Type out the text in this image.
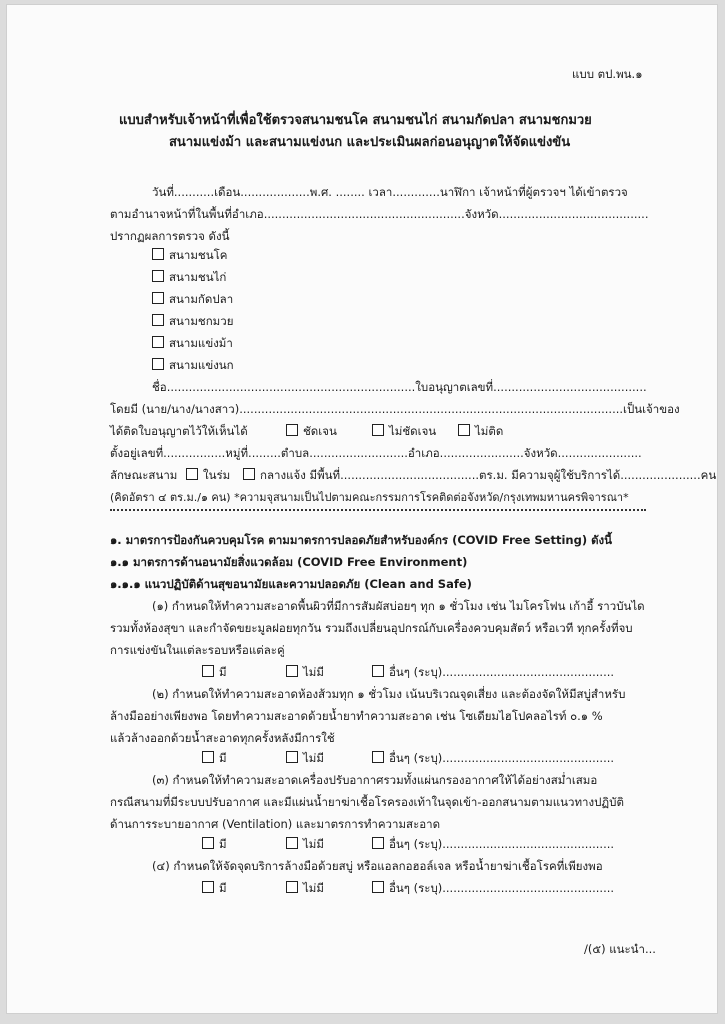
แบบ ตป.พน.๑
แบบสำหรับเจ้าหน้าที่เพื่อใช้ตรวจสนามชนโค สนามชนไก่ สนามกัดปลา สนามชกมวย
สนามแข่งม้า และสนามแข่งนก และประเมินผลก่อนอนุญาตให้จัดแข่งขัน
วันที่...........เดือน...................พ.ศ. ........ เวลา.............นาฬิกา เจ้าหน้าที่ผู้ตรวจฯ ได้เข้าตรวจ
ตามอำนาจหน้าที่ในพื้นที่อำเภอ.......................................................จังหวัด.........................................
ปรากฏผลการตรวจ ดังนี้
สนามชนโค
สนามชนไก่
สนามกัดปลา
สนามชกมวย
สนามแข่งม้า
สนามแข่งนก
ชื่อ....................................................................ใบอนุญาตเลขที่..........................................
โดยมี (นาย/นาง/นางสาว).........................................................................................................เป็นเจ้าของ
ได้ติดใบอนุญาตไว้ให้เห็นได้	ชัดเจน	ไม่ชัดเจน	ไม่ติด
ตั้งอยู่เลขที่.................หมู่ที่.........ตำบล...........................อำเภอ.......................จังหวัด.......................
ลักษณะสนาม	ในร่ม	กลางแจ้ง มีพื้นที่......................................ตร.ม. มีความจุผู้ใช้บริการได้......................คน
(คิดอัตรา ๔ ตร.ม./๑ คน) *ความจุสนามเป็นไปตามคณะกรรมการโรคติดต่อจังหวัด/กรุงเทพมหานครพิจารณา*
๑. มาตรการป้องกันควบคุมโรค ตามมาตรการปลอดภัยสำหรับองค์กร (COVID Free Setting) ดังนี้
๑.๑ มาตรการด้านอนามัยสิ่งแวดล้อม (COVID Free Environment)
๑.๑.๑ แนวปฏิบัติด้านสุขอนามัยและความปลอดภัย (Clean and Safe)
(๑) กำหนดให้ทำความสะอาดพื้นผิวที่มีการสัมผัสบ่อยๆ ทุก ๑ ชั่วโมง เช่น ไมโครโฟน เก้าอี้ ราวบันได
รวมทั้งห้องสุขา และกำจัดขยะมูลฝอยทุกวัน รวมถึงเปลี่ยนอุปกรณ์กับเครื่องควบคุมสัตว์ หรือเวที ทุกครั้งที่จบ
การแข่งขันในแต่ละรอบหรือแต่ละคู่
มี	ไม่มี	อื่นๆ (ระบุ)...............................................
(๒) กำหนดให้ทำความสะอาดห้องส้วมทุก ๑ ชั่วโมง เน้นบริเวณจุดเสี่ยง และต้องจัดให้มีสบู่สำหรับ
ล้างมืออย่างเพียงพอ โดยทำความสะอาดด้วยน้ำยาทำความสะอาด เช่น โซเดียมไฮโปคลอไรท์ ๐.๑ %
แล้วล้างออกด้วยน้ำสะอาดทุกครั้งหลังมีการใช้
มี	ไม่มี	อื่นๆ (ระบุ)...............................................
(๓) กำหนดให้ทำความสะอาดเครื่องปรับอากาศรวมทั้งแผ่นกรองอากาศให้ได้อย่างสม่ำเสมอ
กรณีสนามที่มีระบบปรับอากาศ และมีแผ่นน้ำยาฆ่าเชื้อโรครองเท้าในจุดเข้า-ออกสนามตามแนวทางปฏิบัติ
ด้านการระบายอากาศ (Ventilation) และมาตรการทำความสะอาด
มี	ไม่มี	อื่นๆ (ระบุ)...............................................
(๔) กำหนดให้จัดจุดบริการล้างมือด้วยสบู่ หรือแอลกอฮอล์เจล หรือน้ำยาฆ่าเชื้อโรคที่เพียงพอ
มี	ไม่มี	อื่นๆ (ระบุ)...............................................
/(๕) แนะนำ...
